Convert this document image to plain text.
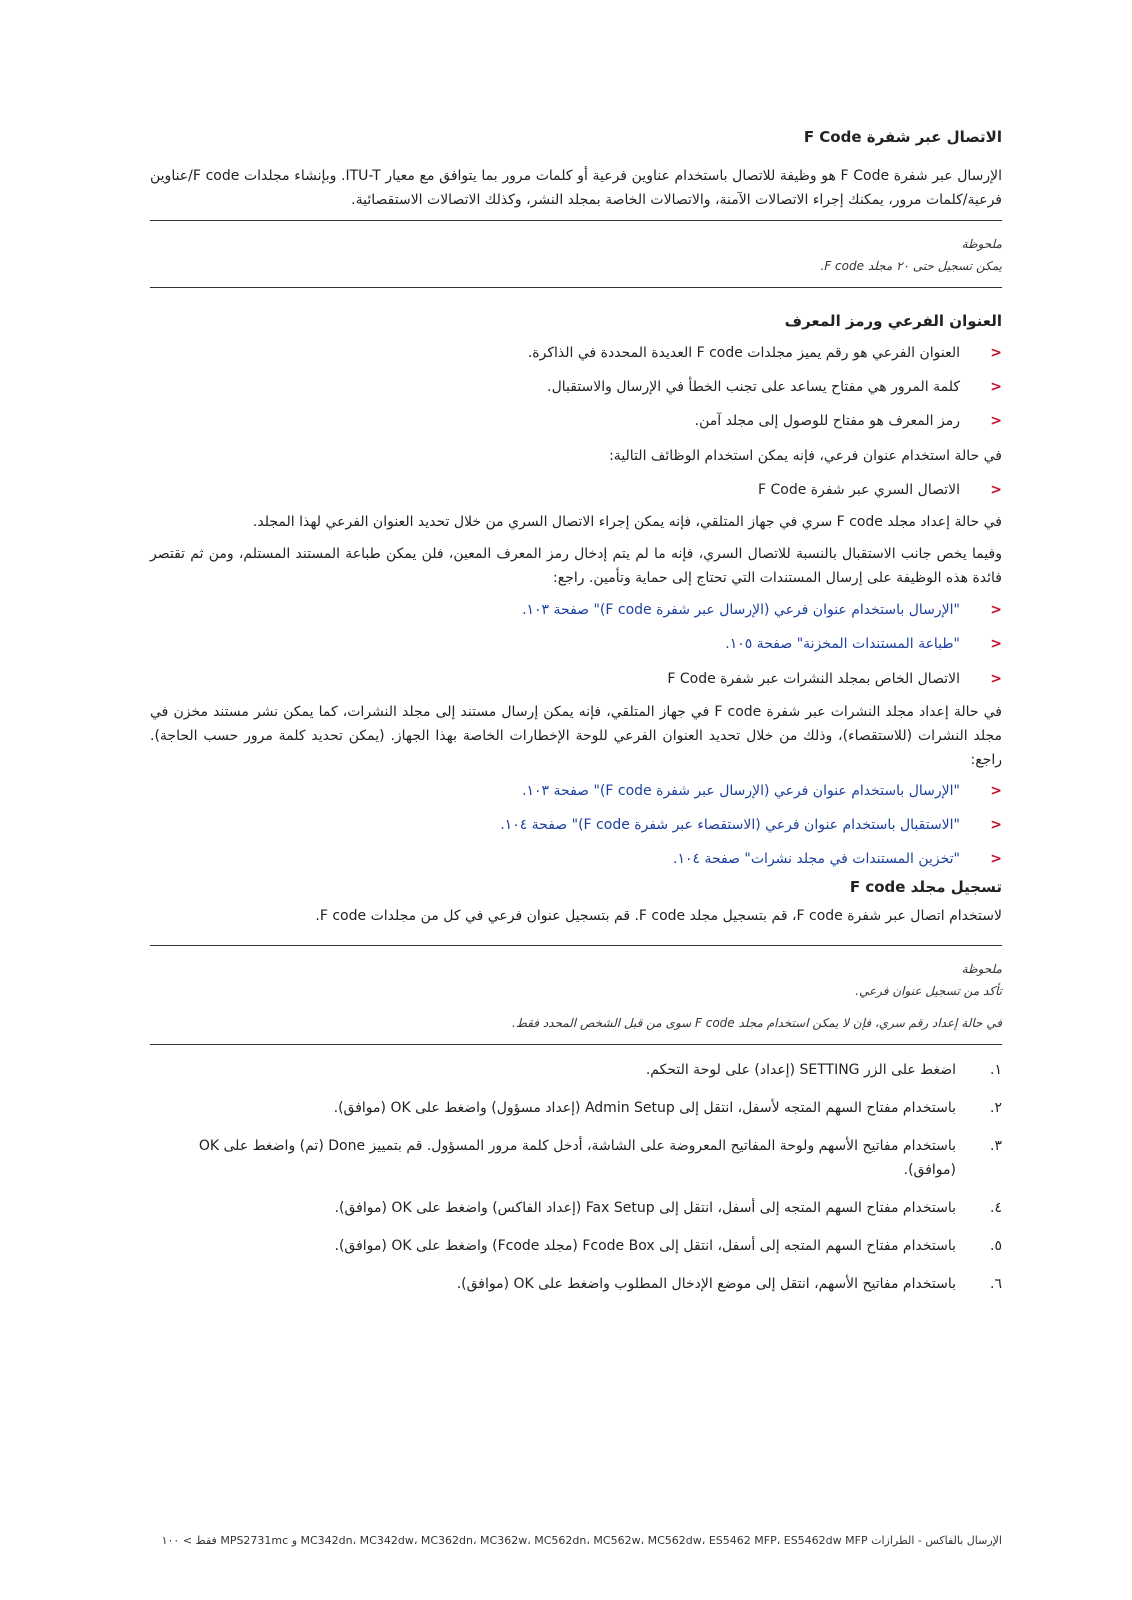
الاتصال عبر شفرة F Code

الإرسال عبر شفرة F Code هو وظيفة للاتصال باستخدام عناوين فرعية أو كلمات مرور بما يتوافق مع معيار ITU-T. وبإنشاء مجلدات F code/عناوين فرعية/كلمات مرور، يمكنك إجراء الاتصالات الآمنة، والاتصالات الخاصة بمجلد النشر، وكذلك الاتصالات الاستقصائية.

ملحوظة
يمكن تسجيل حتى ٢٠ مجلد F code.
العنوان الفرعي ورمز المعرف
<
العنوان الفرعي هو رقم يميز مجلدات F code العديدة المحددة في الذاكرة.
<
كلمة المرور هي مفتاح يساعد على تجنب الخطأ في الإرسال والاستقبال.
<
رمز المعرف هو مفتاح للوصول إلى مجلد آمن.

في حالة استخدام عنوان فرعي، فإنه يمكن استخدام الوظائف التالية:

<
الاتصال السري عبر شفرة F Code

في حالة إعداد مجلد F code سري في جهاز المتلقي، فإنه يمكن إجراء الاتصال السري من خلال تحديد العنوان الفرعي لهذا المجلد.

وفيما يخص جانب الاستقبال بالنسبة للاتصال السري، فإنه ما لم يتم إدخال رمز المعرف المعين، فلن يمكن طباعة المستند المستلم، ومن ثم تقتصر فائدة هذه الوظيفة على إرسال المستندات التي تحتاج إلى حماية وتأمين. راجع:

<
"الإرسال باستخدام عنوان فرعي (الإرسال عبر شفرة F code)" صفحة ١٠٣.
<
"طباعة المستندات المخزنة" صفحة ١٠٥.
<
الاتصال الخاص بمجلد النشرات عبر شفرة F Code

في حالة إعداد مجلد النشرات عبر شفرة F code في جهاز المتلقي، فإنه يمكن إرسال مستند إلى مجلد النشرات، كما يمكن نشر مستند مخزن في مجلد النشرات (للاستقصاء)، وذلك من خلال تحديد العنوان الفرعي للوحة الإخطارات الخاصة بهذا الجهاز. (يمكن تحديد كلمة مرور حسب الحاجة). راجع:

<
"الإرسال باستخدام عنوان فرعي (الإرسال عبر شفرة F code)" صفحة ١٠٣.
<
"الاستقبال باستخدام عنوان فرعي (الاستقصاء عبر شفرة F code)" صفحة ١٠٤.
<
"تخزين المستندات في مجلد نشرات" صفحة ١٠٤.
تسجيل مجلد F code

لاستخدام اتصال عبر شفرة F code، قم بتسجيل مجلد F code. قم بتسجيل عنوان فرعي في كل من مجلدات F code.

ملحوظة
تأكد من تسجيل عنوان فرعي.
في حالة إعداد رقم سري، فإن لا يمكن استخدام مجلد F code سوى من قبل الشخص المحدد فقط.
١.
اضغط على الزر SETTING (إعداد) على لوحة التحكم.
٢.
باستخدام مفتاح السهم المتجه لأسفل، انتقل إلى Admin Setup (إعداد مسؤول) واضغط على OK (موافق).
٣.
باستخدام مفاتيح الأسهم ولوحة المفاتيح المعروضة على الشاشة، أدخل كلمة مرور المسؤول. قم بتمييز Done (تم) واضغط على OK (موافق).
٤.
باستخدام مفتاح السهم المتجه إلى أسفل، انتقل إلى Fax Setup (إعداد الفاكس) واضغط على OK (موافق).
٥.
باستخدام مفتاح السهم المتجه إلى أسفل، انتقل إلى Fcode Box (مجلد Fcode) واضغط على OK (موافق).
٦.
باستخدام مفاتيح الأسهم، انتقل إلى موضع الإدخال المطلوب واضغط على OK (موافق).
الإرسال بالفاكس - الطرازات MC342dn، MC342dw، MC362dn، MC362w، MC562dn، MC562w، MC562dw، ES5462 MFP، ES5462dw MFP و MPS2731mc فقط > ١٠٠
